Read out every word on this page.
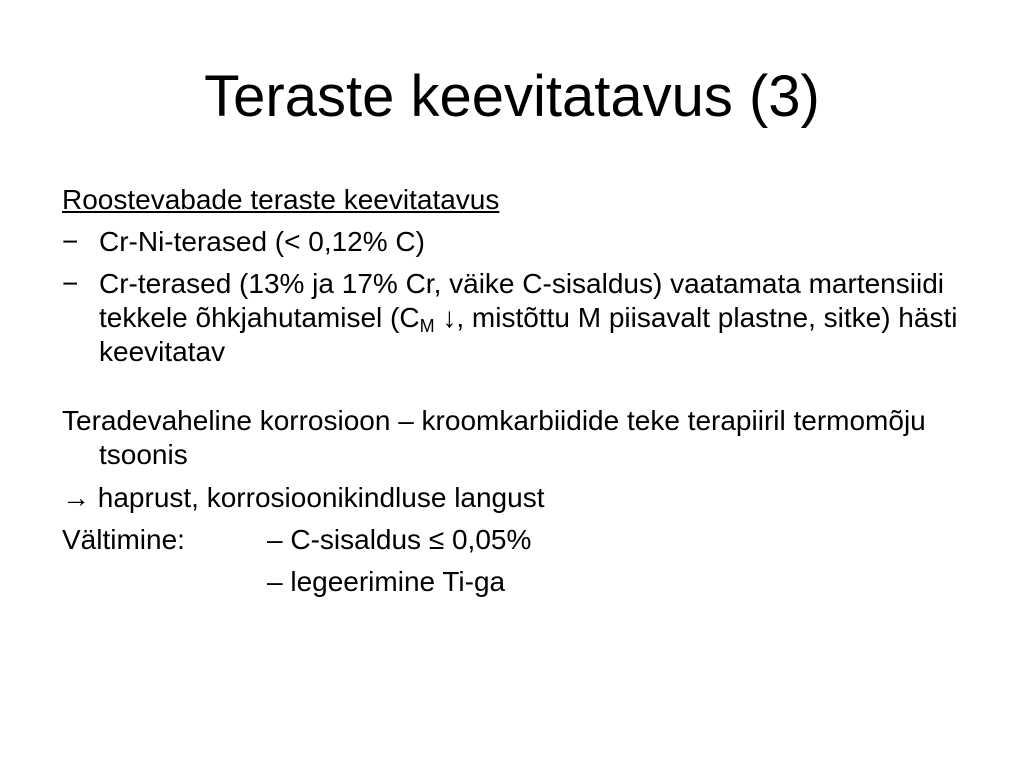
Teraste keevitatavus (3)

Roostevabade teraste keevitatavus

− Cr-Ni-terased (< 0,12% C)
− Cr-terased (13% ja 17% Cr, väike C-sisaldus) vaatamata martensiidi tekkele õhkjahutamisel ($C_M$ ↓, mistõttu M piisavalt plastne, sitke) hästi keevitatav

Teradevaheline korrosioon – kroomkarbiidide teke terapiiril termomõju tsoonis

→ haprust, korrosioonikindluse langust

Vältimine:	– C-sisaldus ≤ 0,05%
– legeerimine Ti-ga
